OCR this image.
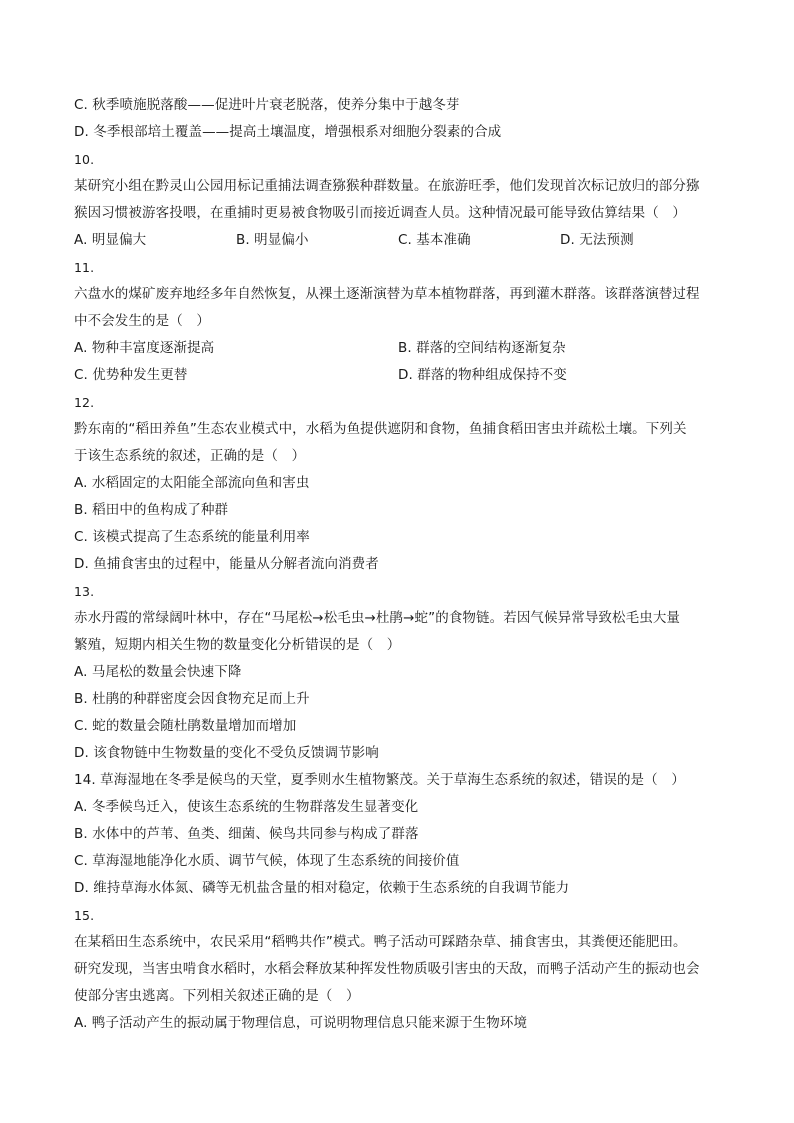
C. 秋季喷施脱落酸——促进叶片衰老脱落，使养分集中于越冬芽
D. 冬季根部培土覆盖——提高土壤温度，增强根系对细胞分裂素的合成
10.
某研究小组在黔灵山公园用标记重捕法调查猕猴种群数量。在旅游旺季，他们发现首次标记放归的部分猕
猴因习惯被游客投喂，在重捕时更易被食物吸引而接近调查人员。这种情况最可能导致估算结果（　）
A. 明显偏大	B. 明显偏小	C. 基本准确	D. 无法预测
11.
六盘水的煤矿废弃地经多年自然恢复，从裸土逐渐演替为草本植物群落，再到灌木群落。该群落演替过程
中不会发生的是（　）
A. 物种丰富度逐渐提高	B. 群落的空间结构逐渐复杂
C. 优势种发生更替	D. 群落的物种组成保持不变
12.
黔东南的“稻田养鱼”生态农业模式中，水稻为鱼提供遮阴和食物，鱼捕食稻田害虫并疏松土壤。下列关
于该生态系统的叙述，正确的是（　）
A. 水稻固定的太阳能全部流向鱼和害虫
B. 稻田中的鱼构成了种群
C. 该模式提高了生态系统的能量利用率
D. 鱼捕食害虫的过程中，能量从分解者流向消费者
13.
赤水丹霞的常绿阔叶林中，存在“马尾松→松毛虫→杜鹃→蛇”的食物链。若因气候异常导致松毛虫大量
繁殖，短期内相关生物的数量变化分析错误的是（　）
A. 马尾松的数量会快速下降
B. 杜鹃的种群密度会因食物充足而上升
C. 蛇的数量会随杜鹃数量增加而增加
D. 该食物链中生物数量的变化不受负反馈调节影响
14. 草海湿地在冬季是候鸟的天堂，夏季则水生植物繁茂。关于草海生态系统的叙述，错误的是（　）
A. 冬季候鸟迁入，使该生态系统的生物群落发生显著变化
B. 水体中的芦苇、鱼类、细菌、候鸟共同参与构成了群落
C. 草海湿地能净化水质、调节气候，体现了生态系统的间接价值
D. 维持草海水体氮、磷等无机盐含量的相对稳定，依赖于生态系统的自我调节能力
15.
在某稻田生态系统中，农民采用“稻鸭共作”模式。鸭子活动可踩踏杂草、捕食害虫，其粪便还能肥田。
研究发现，当害虫啃食水稻时，水稻会释放某种挥发性物质吸引害虫的天敌，而鸭子活动产生的振动也会
使部分害虫逃离。下列相关叙述正确的是（　）
A. 鸭子活动产生的振动属于物理信息，可说明物理信息只能来源于生物环境
